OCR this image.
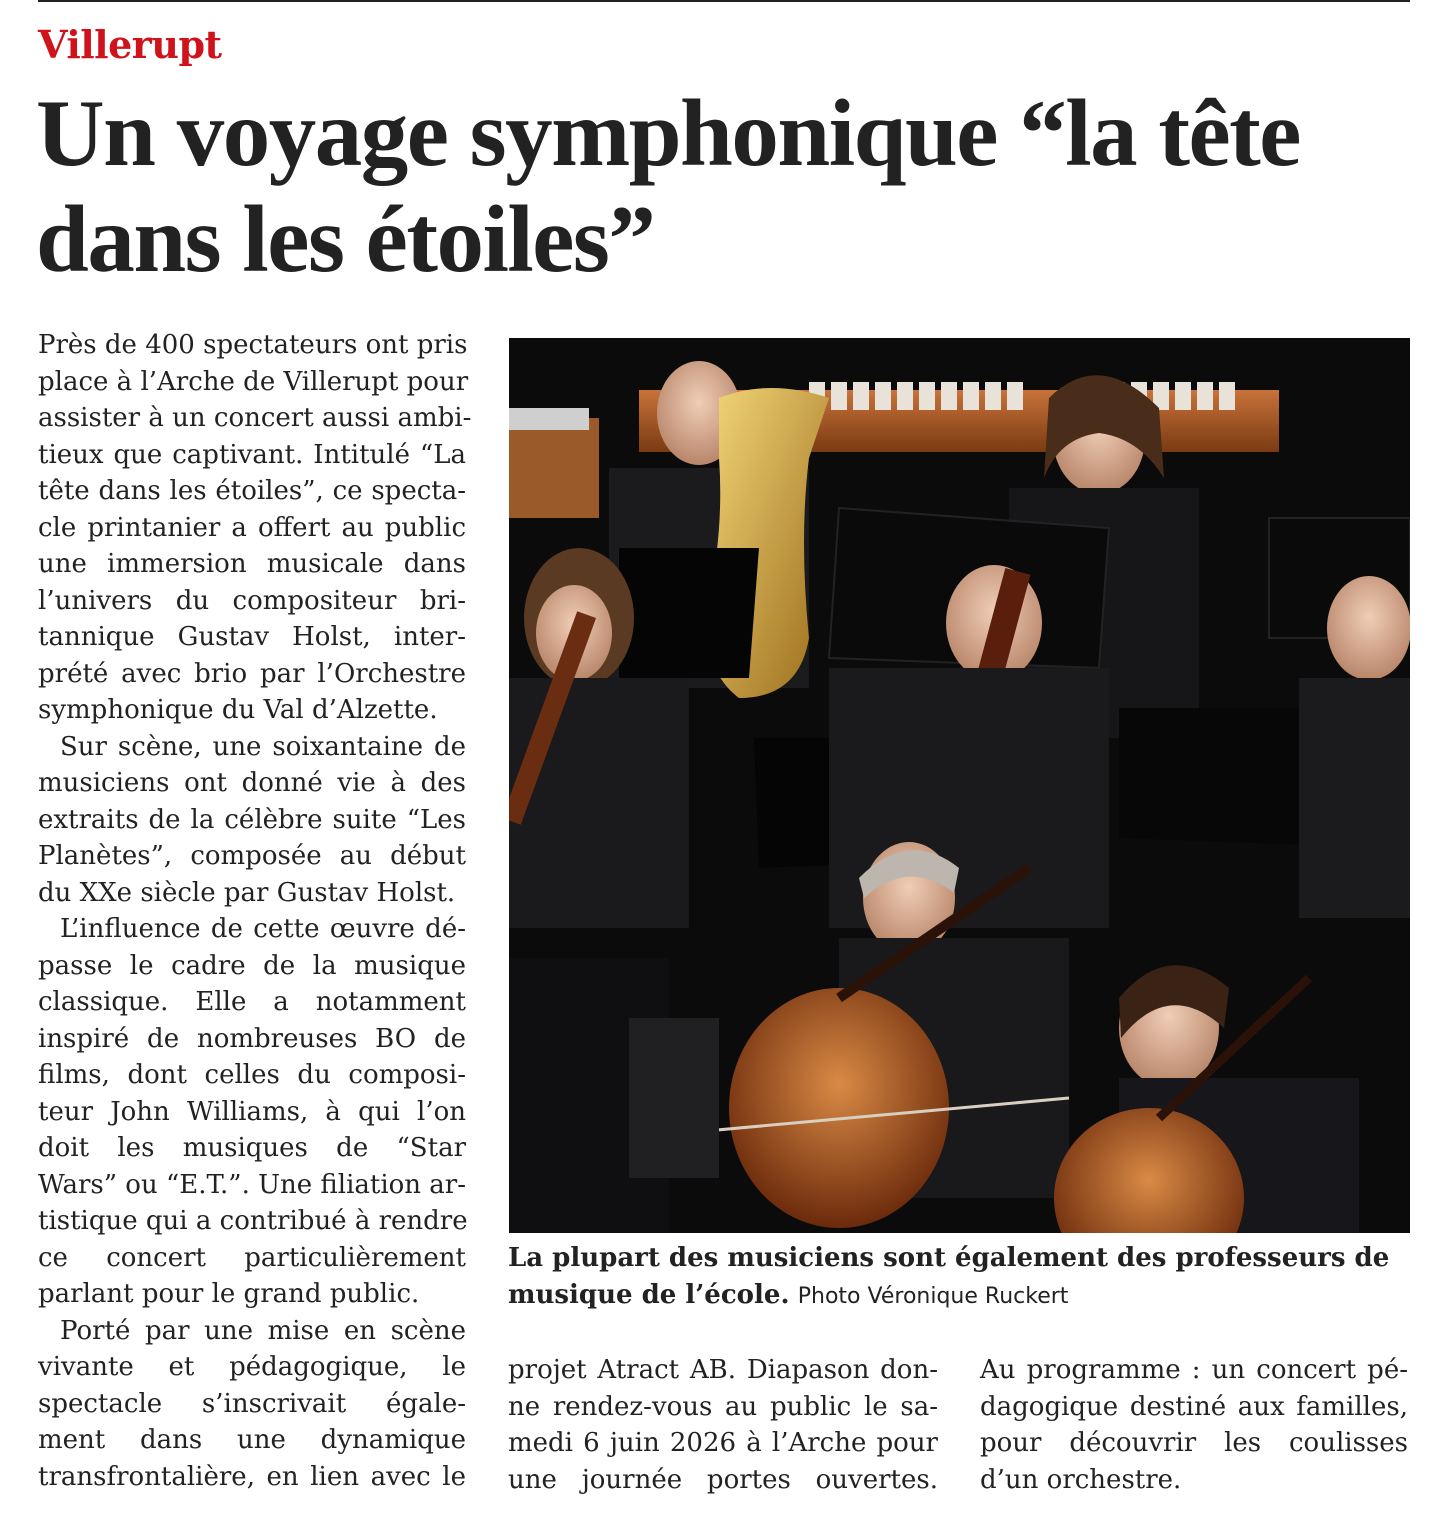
Villerupt
Un voyage symphonique “la tête
dans les étoiles”
Près de 400 spectateurs ont pris
place à l’Arche de Villerupt pour
assister à un concert aussi ambi-
tieux que captivant. Intitulé “La
tête dans les étoiles”, ce specta-
cle printanier a offert au public
une immersion musicale dans
l’univers du compositeur bri-
tannique Gustav Holst, inter-
prété avec brio par l’Orchestre
symphonique du Val d’Alzette.
Sur scène, une soixantaine de
musiciens ont donné vie à des
extraits de la célèbre suite “Les
Planètes”, composée au début
du XXe siècle par Gustav Holst.
L’influence de cette œuvre dé-
passe le cadre de la musique
classique. Elle a notamment
inspiré de nombreuses BO de
films, dont celles du composi-
teur John Williams, à qui l’on
doit les musiques de “Star
Wars” ou “E.T.”. Une filiation ar-
tistique qui a contribué à rendre
ce concert particulièrement
parlant pour le grand public.
Porté par une mise en scène
vivante et pédagogique, le
spectacle s’inscrivait égale-
ment dans une dynamique
transfrontalière, en lien avec le
La plupart des musiciens sont également des professeurs de musique de l’école. Photo Véronique Ruckert
projet Atract AB. Diapason don-
ne rendez-vous au public le sa-
medi 6 juin 2026 à l’Arche pour
une journée portes ouvertes.
Au programme : un concert pé-
dagogique destiné aux familles,
pour découvrir les coulisses
d’un orchestre.
